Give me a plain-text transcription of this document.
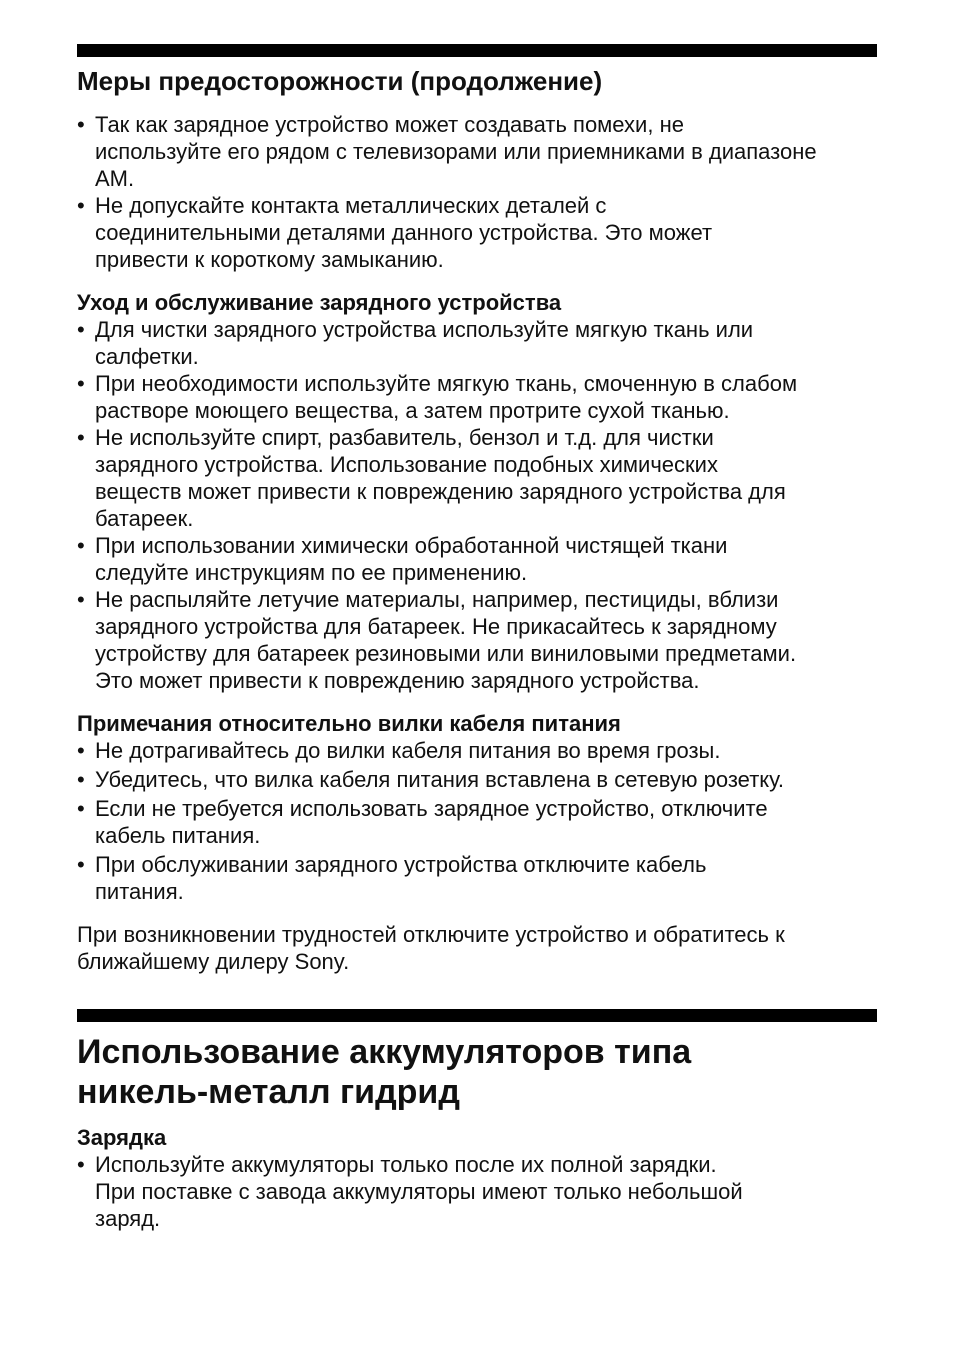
Меры предосторожности (продолжение)
• Так как зарядное устройство может создавать помехи, не
используйте его рядом с телевизорами или приемниками в диапазоне
AM.
• Не допускайте контакта металлических деталей с
соединительными деталями данного устройства. Это может
привести к короткому замыканию.
Уход и обслуживание зарядного устройства
• Для чистки зарядного устройства используйте мягкую ткань или
салфетки.
• При необходимости используйте мягкую ткань, смоченную в слабом
растворе моющего вещества, а затем протрите сухой тканью.
• Не используйте спирт, разбавитель, бензол и т.д. для чистки
зарядного устройства. Использование подобных химических
веществ может привести к повреждению зарядного устройства для
батареек.
• При использовании химически обработанной чистящей ткани
следуйте инструкциям по ее применению.
• Не распыляйте летучие материалы, например, пестициды, вблизи
зарядного устройства для батареек. Не прикасайтесь к зарядному
устройству для батареек резиновыми или виниловыми предметами.
Это может привести к повреждению зарядного устройства.
Примечания относительно вилки кабеля питания
• Не дотрагивайтесь до вилки кабеля питания во время грозы.
• Убедитесь, что вилка кабеля питания вставлена в сетевую розетку.
• Если не требуется использовать зарядное устройство, отключите
кабель питания.
• При обслуживании зарядного устройства отключите кабель
питания.
При возникновении трудностей отключите устройство и обратитесь к
ближайшему дилеру Sony.
Использование аккумуляторов типа
никель-металл гидрид
Зарядка
• Используйте аккумуляторы только после их полной зарядки.
При поставке с завода аккумуляторы имеют только небольшой
заряд.
